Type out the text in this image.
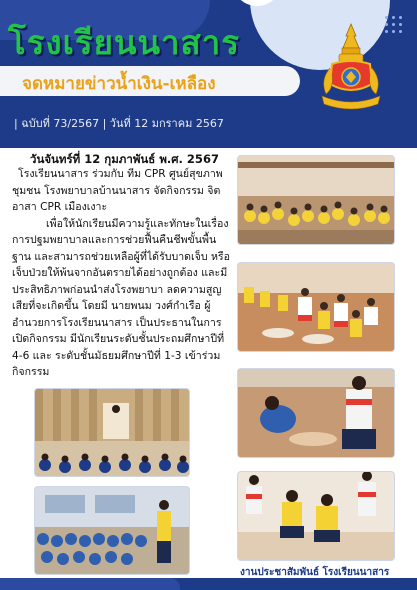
โรงเรียนนาสาร
จดหมายข่าวน้ำเงิน-เหลือง
| ฉบับที่ 73/2567 | วันที่ 12 มกราคม 2567
วันจันทร์ที่ 12 กุมภาพันธ์ พ.ศ. 2567

โรงเรียนนาสาร ร่วมกับ ทีม CPR ศูนย์สุขภาพชุมชน โรงพยาบาลบ้านนาสาร จัดกิจกรรม จิตอาสา CPR เมืองเงาะ

เพื่อให้นักเรียนมีความรู้และทักษะในเรื่องการปฐมพยาบาลและการช่วยฟื้นคืนชีพขั้นพื้นฐาน และสามารถช่วยเหลือผู้ที่ได้รับบาดเจ็บ หรือเจ็บป่วยให้พ้นจากอันตรายได้อย่างถูกต้อง และมีประสิทธิภาพก่อนนำส่งโรงพยาบา ลดความสูญเสียที่จะเกิดขึ้น โดยมี นายพนม วงศ์กำเรือ ผู้อำนวยการโรงเรียนนาสาร เป็นประธานในการเปิดกิจกรรม มีนักเรียนระดับชั้นประถมศึกษาปีที่ 4-6 และ ระดับชั้นมัธยมศึกษาปีที่ 1-3 เข้าร่วมกิจกรรม

งานประชาสัมพันธ์ โรงเรียนนาสาร
